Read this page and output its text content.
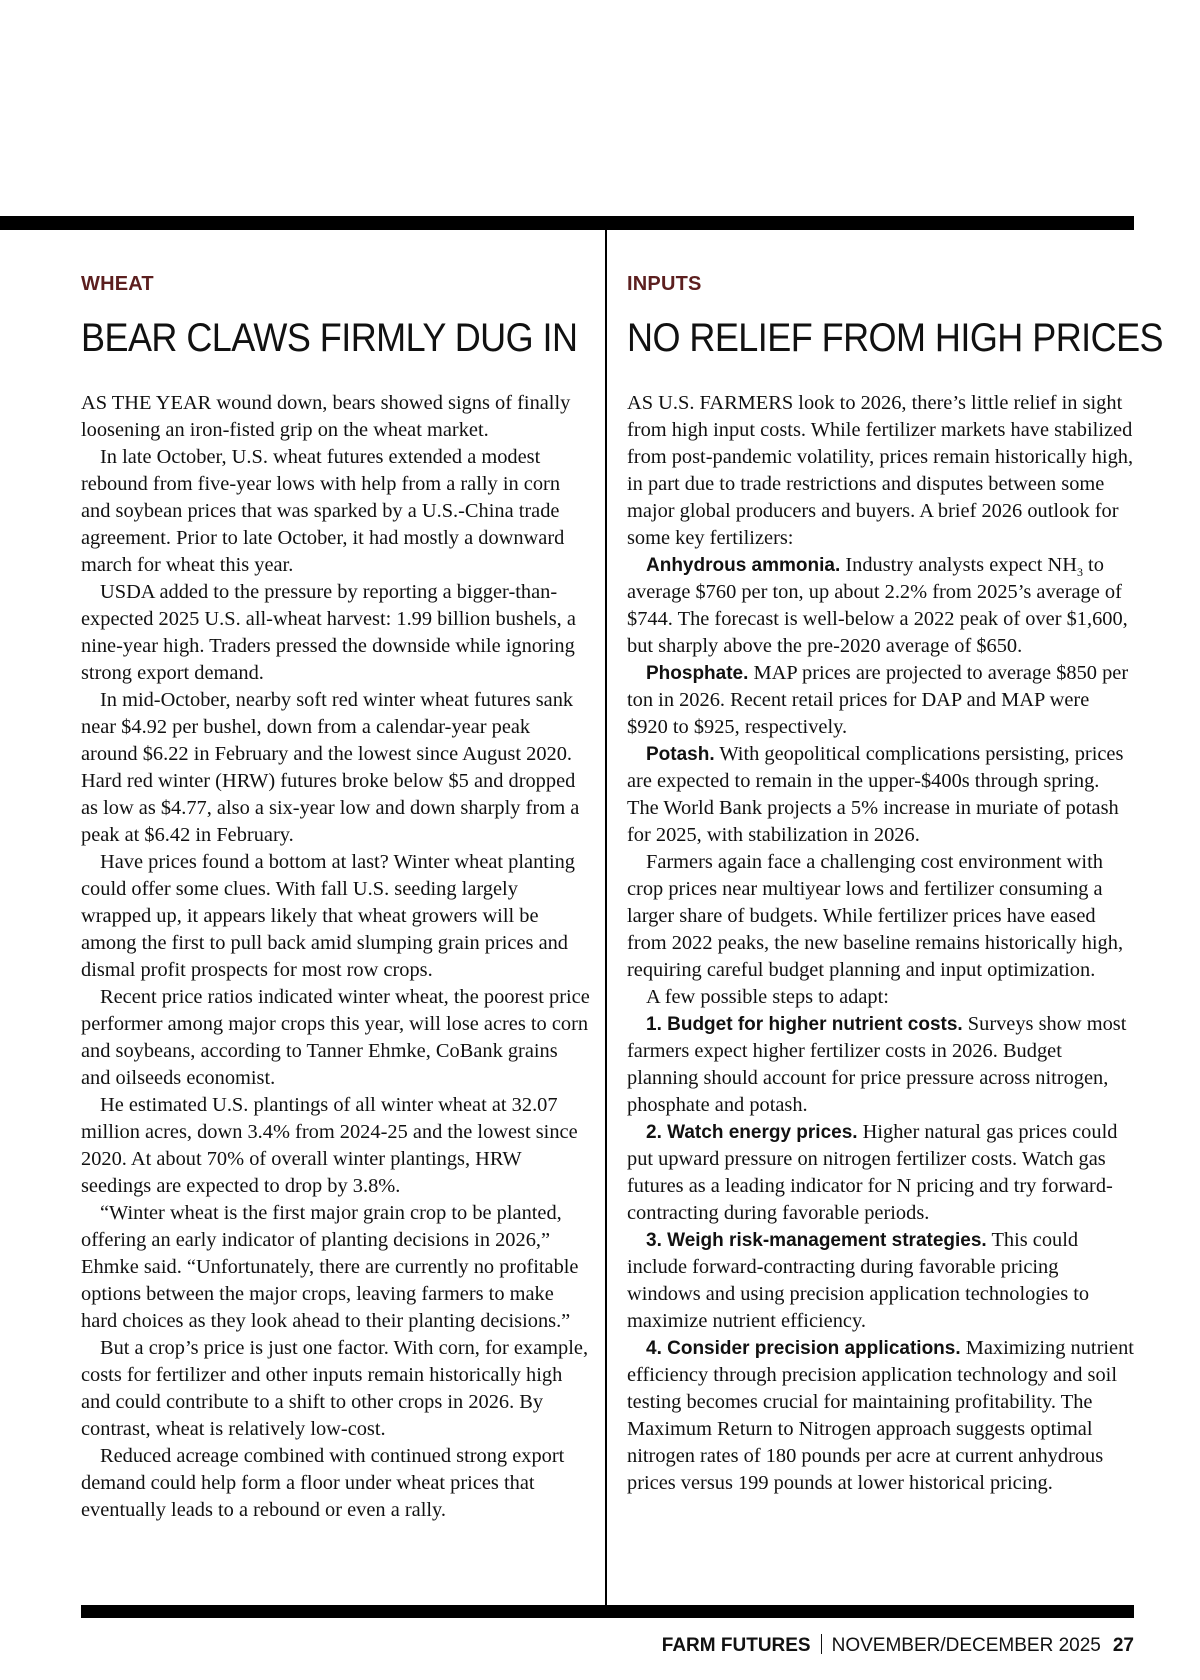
WHEAT
BEAR CLAWS FIRMLY DUG IN

AS THE YEAR wound down, bears showed signs of finally loosening an iron-fisted grip on the wheat market.

In late October, U.S. wheat futures extended a modest rebound from five-year lows with help from a rally in corn and soybean prices that was sparked by a U.S.-China trade agreement. Prior to late October, it had mostly a downward march for wheat this year.

USDA added to the pressure by reporting a bigger-than-expected 2025 U.S. all-wheat harvest: 1.99 billion bushels, a nine-year high. Traders pressed the downside while ignoring strong export demand.

In mid-October, nearby soft red winter wheat futures sank near $4.92 per bushel, down from a calendar-year peak around $6.22 in February and the lowest since August 2020. Hard red winter (HRW) futures broke below $5 and dropped as low as $4.77, also a six-year low and down sharply from a peak at $6.42 in February.

Have prices found a bottom at last? Winter wheat planting could offer some clues. With fall U.S. seeding largely wrapped up, it appears likely that wheat growers will be among the first to pull back amid slumping grain prices and dismal profit prospects for most row crops.

Recent price ratios indicated winter wheat, the poorest price performer among major crops this year, will lose acres to corn and soybeans, according to Tanner Ehmke, CoBank grains and oilseeds economist.

He estimated U.S. plantings of all winter wheat at 32.07 million acres, down 3.4% from 2024-25 and the lowest since 2020. At about 70% of overall winter plantings, HRW seedings are expected to drop by 3.8%.

“Winter wheat is the first major grain crop to be planted, offering an early indicator of planting decisions in 2026,” Ehmke said. “Unfortunately, there are currently no profitable options between the major crops, leaving farmers to make hard choices as they look ahead to their planting decisions.”

But a crop’s price is just one factor. With corn, for example, costs for fertilizer and other inputs remain historically high and could contribute to a shift to other crops in 2026. By contrast, wheat is relatively low-cost.

Reduced acreage combined with continued strong export demand could help form a floor under wheat prices that eventually leads to a rebound or even a rally.

INPUTS
NO RELIEF FROM HIGH PRICES

AS U.S. FARMERS look to 2026, there’s little relief in sight from high input costs. While fertilizer markets have stabilized from post-pandemic volatility, prices remain historically high, in part due to trade restrictions and disputes between some major global producers and buyers. A brief 2026 outlook for some key fertilizers:

Anhydrous ammonia. Industry analysts expect $NH_3$ to average $760 per ton, up about 2.2% from 2025’s average of $744. The forecast is well-below a 2022 peak of over $1,600, but sharply above the pre-2020 average of $650.

Phosphate. MAP prices are projected to average $850 per ton in 2026. Recent retail prices for DAP and MAP were $920 to $925, respectively.

Potash. With geopolitical complications persisting, prices are expected to remain in the upper-$400s through spring. The World Bank projects a 5% increase in muriate of potash for 2025, with stabilization in 2026.

Farmers again face a challenging cost environment with crop prices near multiyear lows and fertilizer consuming a larger share of budgets. While fertilizer prices have eased from 2022 peaks, the new baseline remains historically high, requiring careful budget planning and input optimization.

A few possible steps to adapt:

1. Budget for higher nutrient costs. Surveys show most farmers expect higher fertilizer costs in 2026. Budget planning should account for price pressure across nitrogen, phosphate and potash.

2. Watch energy prices. Higher natural gas prices could put upward pressure on nitrogen fertilizer costs. Watch gas futures as a leading indicator for N pricing and try forward-contracting during favorable periods.

3. Weigh risk-management strategies. This could include forward-contracting during favorable pricing windows and using precision application technologies to maximize nutrient efficiency.

4. Consider precision applications. Maximizing nutrient efficiency through precision application technology and soil testing becomes crucial for maintaining profitability. The Maximum Return to Nitrogen approach suggests optimal nitrogen rates of 180 pounds per acre at current anhydrous prices versus 199 pounds at lower historical pricing.

FARM FUTURES NOVEMBER/DECEMBER 2025 27
